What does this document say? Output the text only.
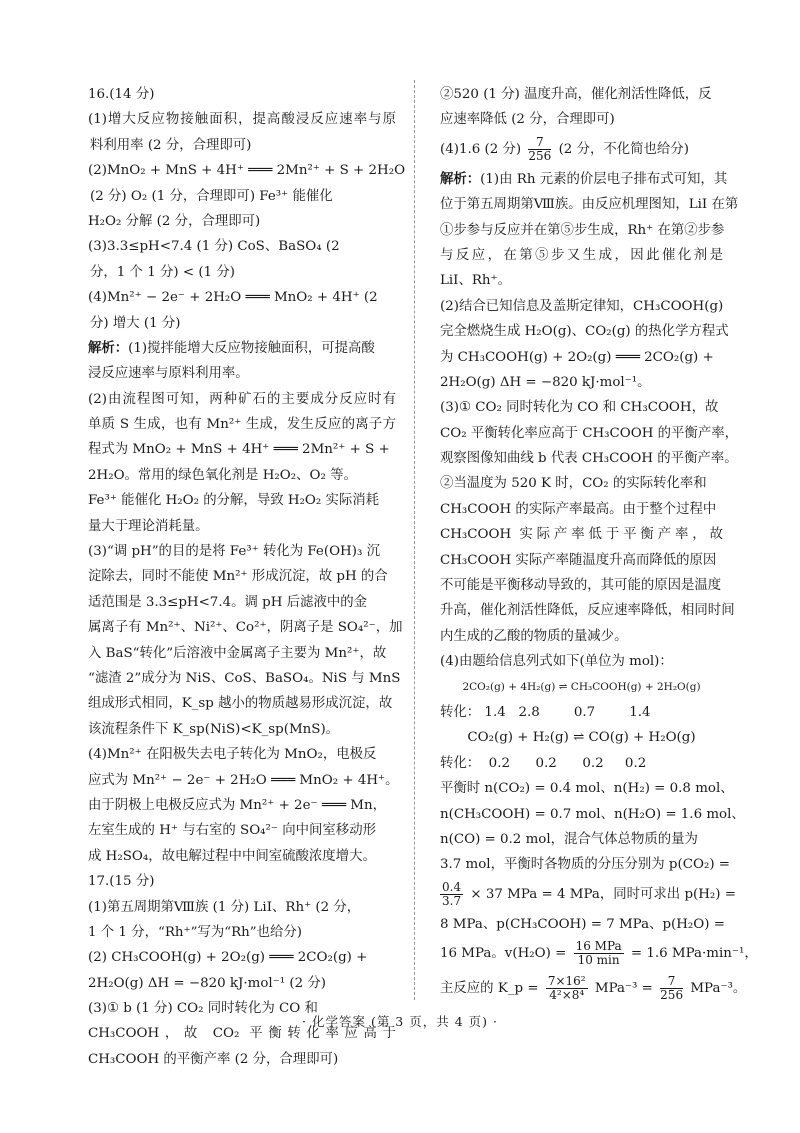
16.(14 分)
(1)增大反应物接触面积，提高酸浸反应速率与原
料利用率 (2 分，合理即可)
(2)MnO₂ + MnS + 4H⁺ ═══ 2Mn²⁺ + S + 2H₂O
(2 分) O₂ (1 分，合理即可) Fe³⁺ 能催化
H₂O₂ 分解 (2 分，合理即可)
(3)3.3≤pH<7.4 (1 分) CoS、BaSO₄ (2
分，1 个 1 分) < (1 分)
(4)Mn²⁺ − 2e⁻ + 2H₂O ═══ MnO₂ + 4H⁺ (2
分) 增大 (1 分)
解析：(1)搅拌能增大反应物接触面积，可提高酸
浸反应速率与原料利用率。
(2)由流程图可知，两种矿石的主要成分反应时有
单质 S 生成，也有 Mn²⁺ 生成，发生反应的离子方
程式为 MnO₂ + MnS + 4H⁺ ═══ 2Mn²⁺ + S +
2H₂O。常用的绿色氧化剂是 H₂O₂、O₂ 等。
Fe³⁺ 能催化 H₂O₂ 的分解，导致 H₂O₂ 实际消耗
量大于理论消耗量。
(3)“调 pH”的目的是将 Fe³⁺ 转化为 Fe(OH)₃ 沉
淀除去，同时不能使 Mn²⁺ 形成沉淀，故 pH 的合
适范围是 3.3≤pH<7.4。调 pH 后滤液中的金
属离子有 Mn²⁺、Ni²⁺、Co²⁺，阴离子是 SO₄²⁻，加
入 BaS“转化”后溶液中金属离子主要为 Mn²⁺，故
“滤渣 2”成分为 NiS、CoS、BaSO₄。NiS 与 MnS
组成形式相同，K_sp 越小的物质越易形成沉淀，故
该流程条件下 K_sp(NiS)<K_sp(MnS)。
(4)Mn²⁺ 在阳极失去电子转化为 MnO₂，电极反
应式为 Mn²⁺ − 2e⁻ + 2H₂O ═══ MnO₂ + 4H⁺。
由于阴极上电极反应式为 Mn²⁺ + 2e⁻ ═══ Mn，
左室生成的 H⁺ 与右室的 SO₄²⁻ 向中间室移动形
成 H₂SO₄，故电解过程中中间室硫酸浓度增大。
17.(15 分)
(1)第五周期第Ⅷ族 (1 分) LiI、Rh⁺ (2 分，
1 个 1 分，“Rh⁺”写为“Rh”也给分)
(2) CH₃COOH(g) + 2O₂(g) ═══ 2CO₂(g) +
2H₂O(g) ΔH = −820 kJ·mol⁻¹ (2 分)
(3)① b (1 分) CO₂ 同时转化为 CO 和
CH₃COOH，故 CO₂ 平衡转化率应高于
CH₃COOH 的平衡产率 (2 分，合理即可)
②520 (1 分) 温度升高，催化剂活性降低，反
应速率降低 (2 分，合理即可)
(4)1.6 (2 分) $\frac{7}{256} (2$ 分，不化简也给分)
解析：(1)由 Rh 元素的价层电子排布式可知，其
位于第五周期第Ⅷ族。由反应机理图知，LiI 在第
①步参与反应并在第⑤步生成，Rh⁺ 在第②步参
与反应，在第⑤步又生成，因此催化剂是
LiI、Rh⁺。
(2)结合已知信息及盖斯定律知，CH₃COOH(g)
完全燃烧生成 H₂O(g)、CO₂(g) 的热化学方程式
为 CH₃COOH(g) + 2O₂(g) ═══ 2CO₂(g) +
2H₂O(g) ΔH = −820 kJ·mol⁻¹。
(3)① CO₂ 同时转化为 CO 和 CH₃COOH，故
CO₂ 平衡转化率应高于 CH₃COOH 的平衡产率，
观察图像知曲线 b 代表 CH₃COOH 的平衡产率。
②当温度为 520 K 时，CO₂ 的实际转化率和
CH₃COOH 的实际产率最高。由于整个过程中
CH₃COOH 实际产率低于平衡产率，故
CH₃COOH 实际产率随温度升高而降低的原因
不可能是平衡移动导致的，其可能的原因是温度
升高，催化剂活性降低，反应速率降低，相同时间
内生成的乙酸的物质的量减少。
(4)由题给信息列式如下(单位为 mol)：
2CO₂(g) + 4H₂(g) ⇌ CH₃COOH(g) + 2H₂O(g)
转化： 1.4   2.8        0.7        1.4
CO₂(g) + H₂(g) ⇌ CO(g) + H₂O(g)
转化：  0.2      0.2      0.2     0.2
平衡时 n(CO₂) = 0.4 mol、n(H₂) = 0.8 mol、
n(CH₃COOH) = 0.7 mol、n(H₂O) = 1.6 mol、
n(CO) = 0.2 mol，混合气体总物质的量为
3.7 mol，平衡时各物质的分压分别为 p(CO₂) =
$\frac{0.4}{3.7} \times 37$ MPa = 4 MPa，同时可求出 p(H₂) =
8 MPa、p(CH₃COOH) = 7 MPa、p(H₂O) =
16 MPa。$v(H_2O) = \frac{\text{16 MPa}}{10 \min} = 1.6$ MPa·min⁻¹，
主反应的 K_p = $\frac{\text{7×16²}}{\text{4²×8⁴}} MPa^{-3} = \frac{7}{256} MPa^{-3}$。
· 化学答案 (第 3 页，共 4 页) ·
